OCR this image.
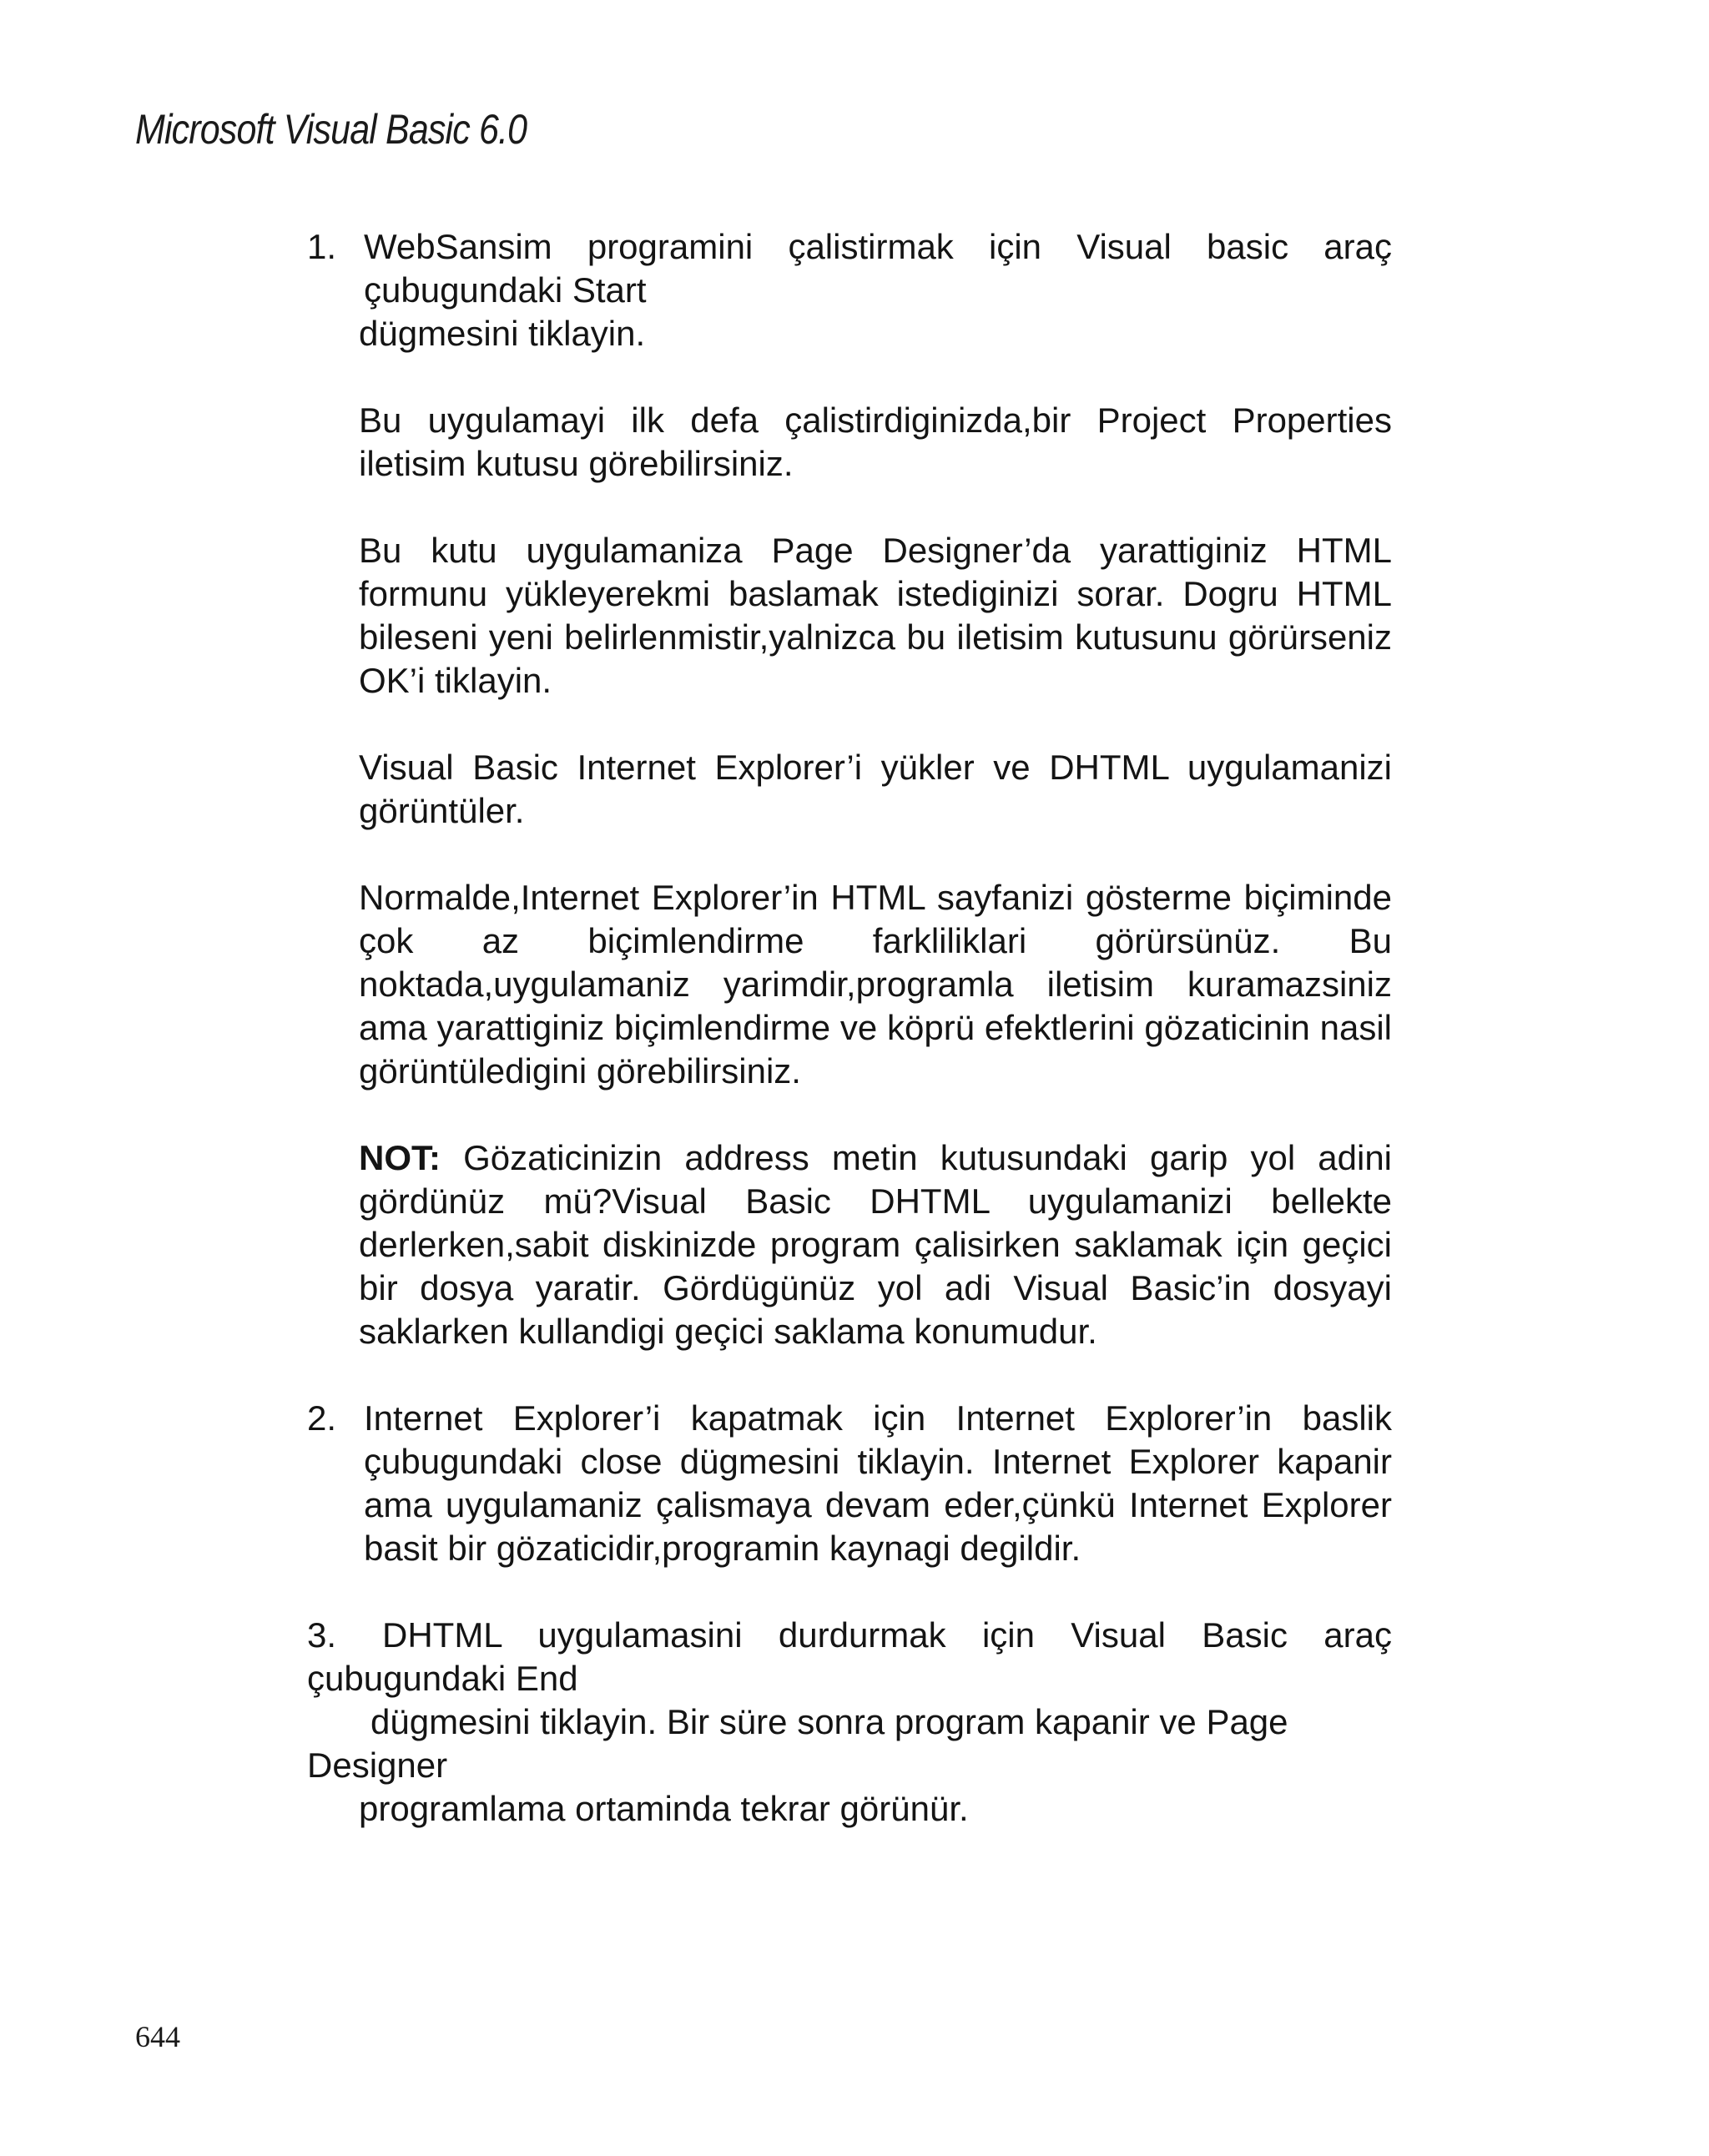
Microsoft Visual Basic 6.0
1. WebSansim programini çalistirmak için Visual basic araç
çubugundaki Start
dügmesini tiklayin.
Bu uygulamayi ilk defa çalistirdiginizda,bir Project Properties iletisim kutusu görebilirsiniz.
Bu kutu uygulamaniza Page Designer’da yarattiginiz HTML formunu yükleyerekmi baslamak istediginizi sorar. Dogru HTML bileseni yeni belirlenmistir,yalnizca bu iletisim kutusunu görürseniz OK’i tiklayin.
Visual Basic Internet Explorer’i yükler ve DHTML uygulamanizi görüntüler.
Normalde,Internet Explorer’in HTML sayfanizi gösterme biçiminde çok az biçimlendirme farkliliklari görürsünüz. Bu noktada,uygulamaniz yarimdir,programla iletisim kuramazsiniz ama yarattiginiz biçimlendirme ve köprü efektlerini gözaticinin nasil görüntüledigini görebilirsiniz.
NOT: Gözaticinizin address metin kutusundaki garip yol adini gördünüz mü?Visual Basic DHTML uygulamanizi bellekte derlerken,sabit diskinizde program çalisirken saklamak için geçici bir dosya yaratir. Gördügünüz yol adi Visual Basic’in dosyayi saklarken kullandigi geçici saklama konumudur.
2. Internet Explorer’i kapatmak için Internet Explorer’in baslik çubugundaki close dügmesini tiklayin. Internet Explorer kapanir ama uygulamaniz çalismaya devam eder,çünkü Internet Explorer basit bir gözaticidir,programin kaynagi degildir.
3.	DHTML uygulamasini durdurmak için Visual Basic araç
çubugundaki End
dügmesini tiklayin. Bir süre sonra program kapanir ve Page
Designer
programlama ortaminda tekrar görünür.
644
